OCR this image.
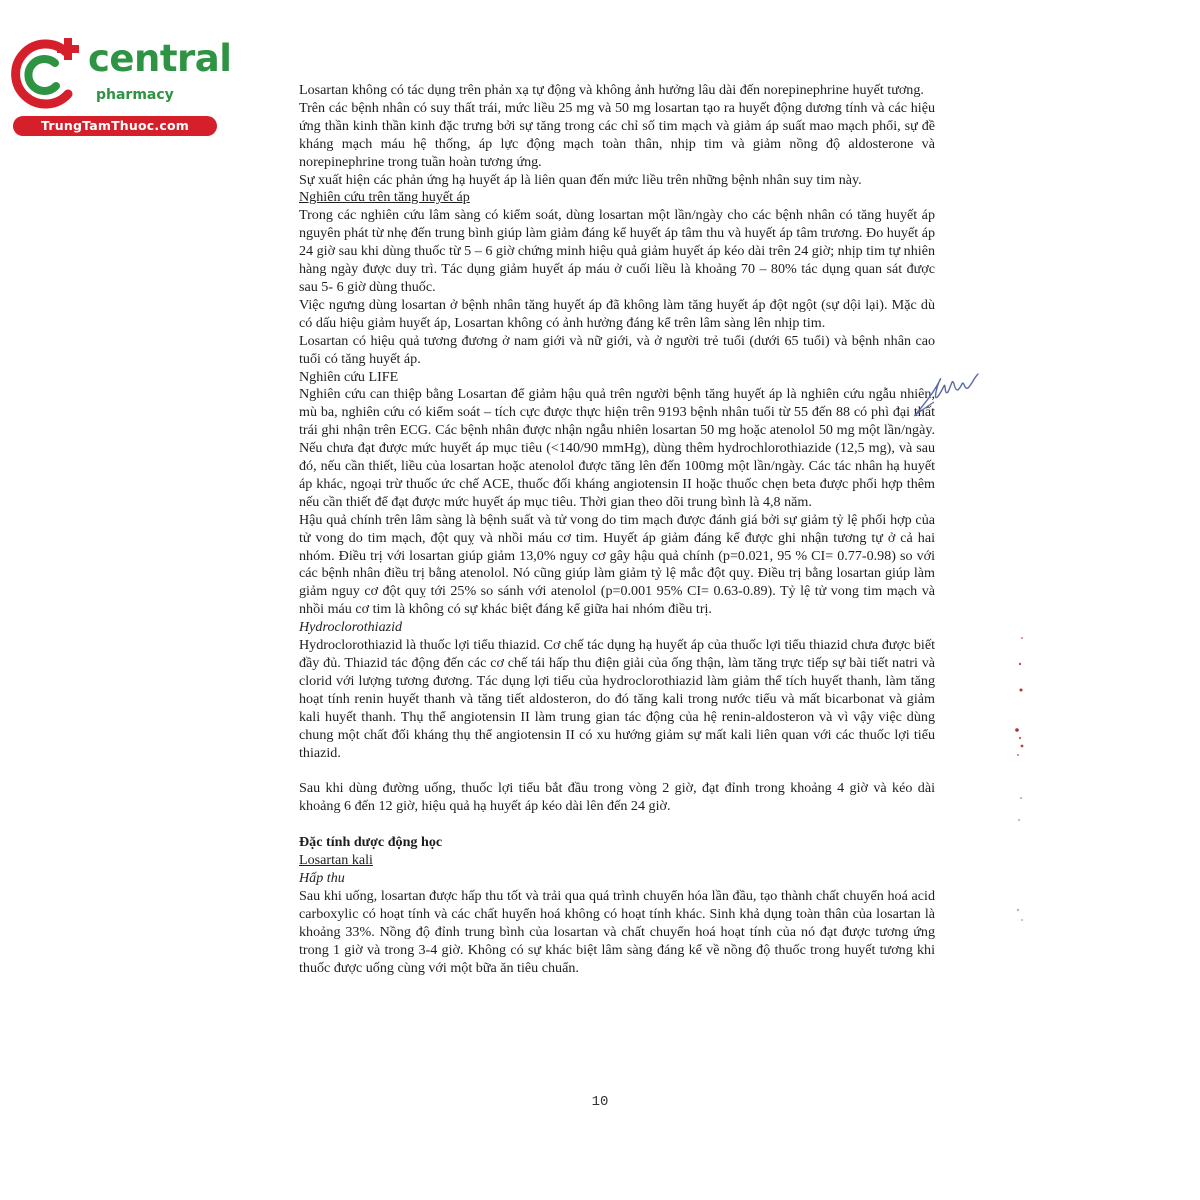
central
pharmacy
TrungTamThuoc.com

Losartan không có tác dụng trên phản xạ tự động và không ảnh hưởng lâu dài đến norepinephrine huyết tương.

Trên các bệnh nhân có suy thất trái, mức liều 25 mg và 50 mg losartan tạo ra huyết động dương tính và các hiệu ứng thần kinh thần kinh đặc trưng bởi sự tăng trong các chỉ số tim mạch và giảm áp suất mao mạch phổi, sự đề kháng mạch máu hệ thống, áp lực động mạch toàn thân, nhịp tim và giảm nồng độ aldosterone và norepinephrine trong tuần hoàn tương ứng.

Sự xuất hiện các phản ứng hạ huyết áp là liên quan đến mức liều trên những bệnh nhân suy tim này.

Nghiên cứu trên tăng huyết áp

Trong các nghiên cứu lâm sàng có kiểm soát, dùng losartan một lần/ngày cho các bệnh nhân có tăng huyết áp nguyên phát từ nhẹ đến trung bình giúp làm giảm đáng kể huyết áp tâm thu và huyết áp tâm trương. Đo huyết áp 24 giờ sau khi dùng thuốc từ 5 – 6 giờ chứng minh hiệu quả giảm huyết áp kéo dài trên 24 giờ; nhịp tim tự nhiên hàng ngày được duy trì. Tác dụng giảm huyết áp máu ở cuối liều là khoảng 70 – 80% tác dụng quan sát được sau 5- 6 giờ dùng thuốc.

Việc ngưng dùng losartan ở bệnh nhân tăng huyết áp đã không làm tăng huyết áp đột ngột (sự dội lại). Mặc dù có dấu hiệu giảm huyết áp, Losartan không có ảnh hưởng đáng kể trên lâm sàng lên nhịp tim.

Losartan có hiệu quả tương đương ở nam giới và nữ giới, và ở người trẻ tuổi (dưới 65 tuổi) và bệnh nhân cao tuổi có tăng huyết áp.

Nghiên cứu LIFE

Nghiên cứu can thiệp bằng Losartan để giảm hậu quả trên người bệnh tăng huyết áp là nghiên cứu ngẫu nhiên, mù ba, nghiên cứu có kiểm soát – tích cực được thực hiện trên 9193 bệnh nhân tuổi từ 55 đến 88 có phì đại thất trái ghi nhận trên ECG. Các bệnh nhân được nhận ngẫu nhiên losartan 50 mg hoặc atenolol 50 mg một lần/ngày. Nếu chưa đạt được mức huyết áp mục tiêu (<140/90 mmHg), dùng thêm hydrochlorothiazide (12,5 mg), và sau đó, nếu cần thiết, liều của losartan hoặc atenolol được tăng lên đến 100mg một lần/ngày. Các tác nhân hạ huyết áp khác, ngoại trừ thuốc ức chế ACE, thuốc đối kháng angiotensin II hoặc thuốc chẹn beta được phối hợp thêm nếu cần thiết để đạt được mức huyết áp mục tiêu. Thời gian theo dõi trung bình là 4,8 năm.

Hậu quả chính trên lâm sàng là bệnh suất và tử vong do tim mạch được đánh giá bởi sự giảm tỷ lệ phối hợp của tử vong do tim mạch, đột quỵ và nhồi máu cơ tim. Huyết áp giảm đáng kể được ghi nhận tương tự ở cả hai nhóm. Điều trị với losartan giúp giảm 13,0% nguy cơ gây hậu quả chính (p=0.021, 95 % CI= 0.77-0.98) so với các bệnh nhân điều trị bằng atenolol. Nó cũng giúp làm giảm tỷ lệ mắc đột quỵ. Điều trị bằng losartan giúp làm giảm nguy cơ đột quỵ tới 25% so sánh với atenolol (p=0.001 95% CI= 0.63-0.89). Tỷ lệ tử vong tim mạch và nhồi máu cơ tim là không có sự khác biệt đáng kể giữa hai nhóm điều trị.

Hydroclorothiazid

Hydroclorothiazid là thuốc lợi tiểu thiazid. Cơ chế tác dụng hạ huyết áp của thuốc lợi tiểu thiazid chưa được biết đầy đủ. Thiazid tác động đến các cơ chế tái hấp thu điện giải của ống thận, làm tăng trực tiếp sự bài tiết natri và clorid với lượng tương đương. Tác dụng lợi tiểu của hydroclorothiazid làm giảm thể tích huyết thanh, làm tăng hoạt tính renin huyết thanh và tăng tiết aldosteron, do đó tăng kali trong nước tiểu và mất bicarbonat và giảm kali huyết thanh. Thụ thể angiotensin II làm trung gian tác động của hệ renin-aldosteron và vì vậy việc dùng chung một chất đối kháng thụ thể angiotensin II có xu hướng giảm sự mất kali liên quan với các thuốc lợi tiểu thiazid.

Sau khi dùng đường uống, thuốc lợi tiểu bắt đầu trong vòng 2 giờ, đạt đỉnh trong khoảng 4 giờ và kéo dài khoảng 6 đến 12 giờ, hiệu quả hạ huyết áp kéo dài lên đến 24 giờ.

Đặc tính dược động học

Losartan kali

Hấp thu

Sau khi uống, losartan được hấp thu tốt và trải qua quá trình chuyển hóa lần đầu, tạo thành chất chuyển hoá acid carboxylic có hoạt tính và các chất huyển hoá không có hoạt tính khác. Sinh khả dụng toàn thân của losartan là khoảng 33%. Nồng độ đỉnh trung bình của losartan và chất chuyển hoá hoạt tính của nó đạt được tương ứng trong 1 giờ và trong 3-4 giờ. Không có sự khác biệt lâm sàng đáng kể về nồng độ thuốc trong huyết tương khi thuốc được uống cùng với một bữa ăn tiêu chuẩn.

10
